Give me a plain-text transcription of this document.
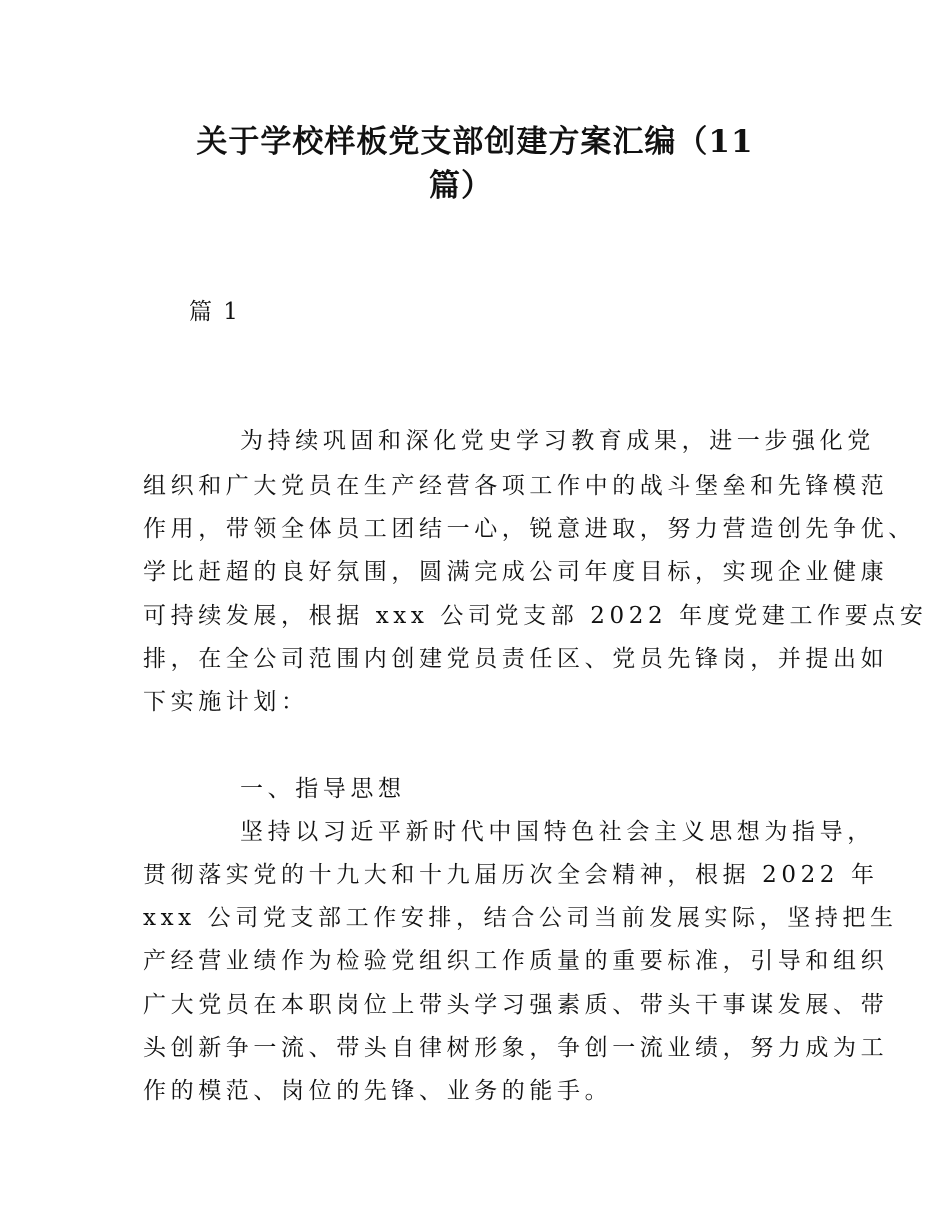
关于学校样板党支部创建方案汇编（11
篇）
篇 1
为持续巩固和深化党史学习教育成果，进一步强化党
组织和广大党员在生产经营各项工作中的战斗堡垒和先锋模范
作用，带领全体员工团结一心，锐意进取，努力营造创先争优、
学比赶超的良好氛围，圆满完成公司年度目标，实现企业健康
可持续发展，根据 xxx 公司党支部 2022 年度党建工作要点安
排，在全公司范围内创建党员责任区、党员先锋岗，并提出如
下实施计划：
一、指导思想
坚持以习近平新时代中国特色社会主义思想为指导，
贯彻落实党的十九大和十九届历次全会精神，根据 2022 年
xxx 公司党支部工作安排，结合公司当前发展实际，坚持把生
产经营业绩作为检验党组织工作质量的重要标准，引导和组织
广大党员在本职岗位上带头学习强素质、带头干事谋发展、带
头创新争一流、带头自律树形象，争创一流业绩，努力成为工
作的模范、岗位的先锋、业务的能手。
